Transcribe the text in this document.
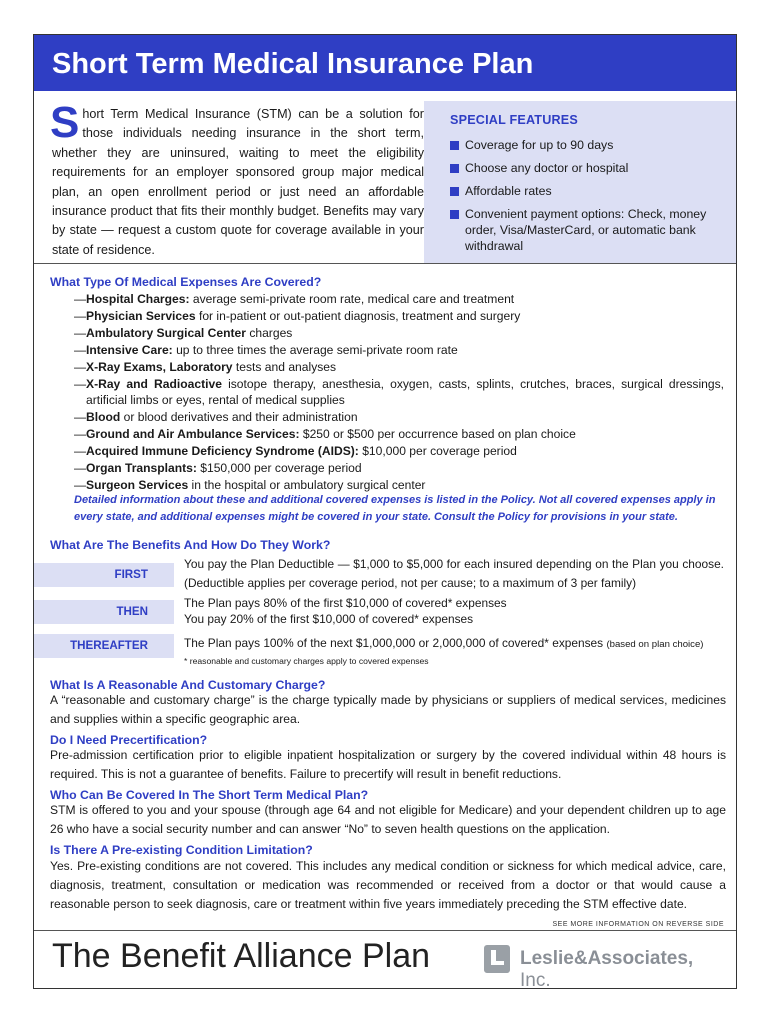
Short Term Medical Insurance Plan
Short Term Medical Insurance (STM) can be a solution for those individuals needing insurance in the short term, whether they are uninsured, waiting to meet the eligibility requirements for an employer sponsored group major medical plan, an open enrollment period or just need an affordable insurance product that fits their monthly budget. Benefits may vary by state — request a custom quote for coverage available in your state of residence.
SPECIAL FEATURES
Coverage for up to 90 days
Choose any doctor or hospital
Affordable rates
Convenient payment options: Check, money order, Visa/MasterCard, or automatic bank withdrawal
What Type Of Medical Expenses Are Covered?
— Hospital Charges: average semi-private room rate, medical care and treatment
— Physician Services for in-patient or out-patient diagnosis, treatment and surgery
— Ambulatory Surgical Center charges
— Intensive Care: up to three times the average semi-private room rate
— X-Ray Exams, Laboratory tests and analyses
— X-Ray and Radioactive isotope therapy, anesthesia, oxygen, casts, splints, crutches, braces, surgical dressings, artificial limbs or eyes, rental of medical supplies
— Blood or blood derivatives and their administration
— Ground and Air Ambulance Services: $250 or $500 per occurrence based on plan choice
— Acquired Immune Deficiency Syndrome (AIDS): $10,000 per coverage period
— Organ Transplants: $150,000 per coverage period
— Surgeon Services in the hospital or ambulatory surgical center
Detailed information about these and additional covered expenses is listed in the Policy. Not all covered expenses apply in every state, and additional expenses might be covered in your state. Consult the Policy for provisions in your state.
What Are The Benefits And How Do They Work?
FIRST
You pay the Plan Deductible — $1,000 to $5,000 for each insured depending on the Plan you choose. (Deductible applies per coverage period, not per cause; to a maximum of 3 per family)
THEN
The Plan pays 80% of the first $10,000 of covered* expenses
You pay 20% of the first $10,000 of covered* expenses
THEREAFTER	The Plan pays 100% of the next $1,000,000 or 2,000,000 of covered* expenses (based on plan choice)
* reasonable and customary charges apply to covered expenses
What Is A Reasonable And Customary Charge?
A “reasonable and customary charge” is the charge typically made by physicians or suppliers of medical services, medicines and supplies within a specific geographic area.
Do I Need Precertification?
Pre-admission certification prior to eligible inpatient hospitalization or surgery by the covered individual within 48 hours is required. This is not a guarantee of benefits. Failure to precertify will result in benefit reductions.
Who Can Be Covered In The Short Term Medical Plan?
STM is offered to you and your spouse (through age 64 and not eligible for Medicare) and your dependent children up to age 26 who have a social security number and can answer “No” to seven health questions on the application.
Is There A Pre-existing Condition Limitation?
Yes. Pre-existing conditions are not covered. This includes any medical condition or sickness for which medical advice, care, diagnosis, treatment, consultation or medication was recommended or received from a doctor or that would cause a reasonable person to seek diagnosis, care or treatment within five years immediately preceding the STM effective date.
SEE MORE INFORMATION ON REVERSE SIDE
The Benefit Alliance Plan	Leslie&Associates, Inc.
